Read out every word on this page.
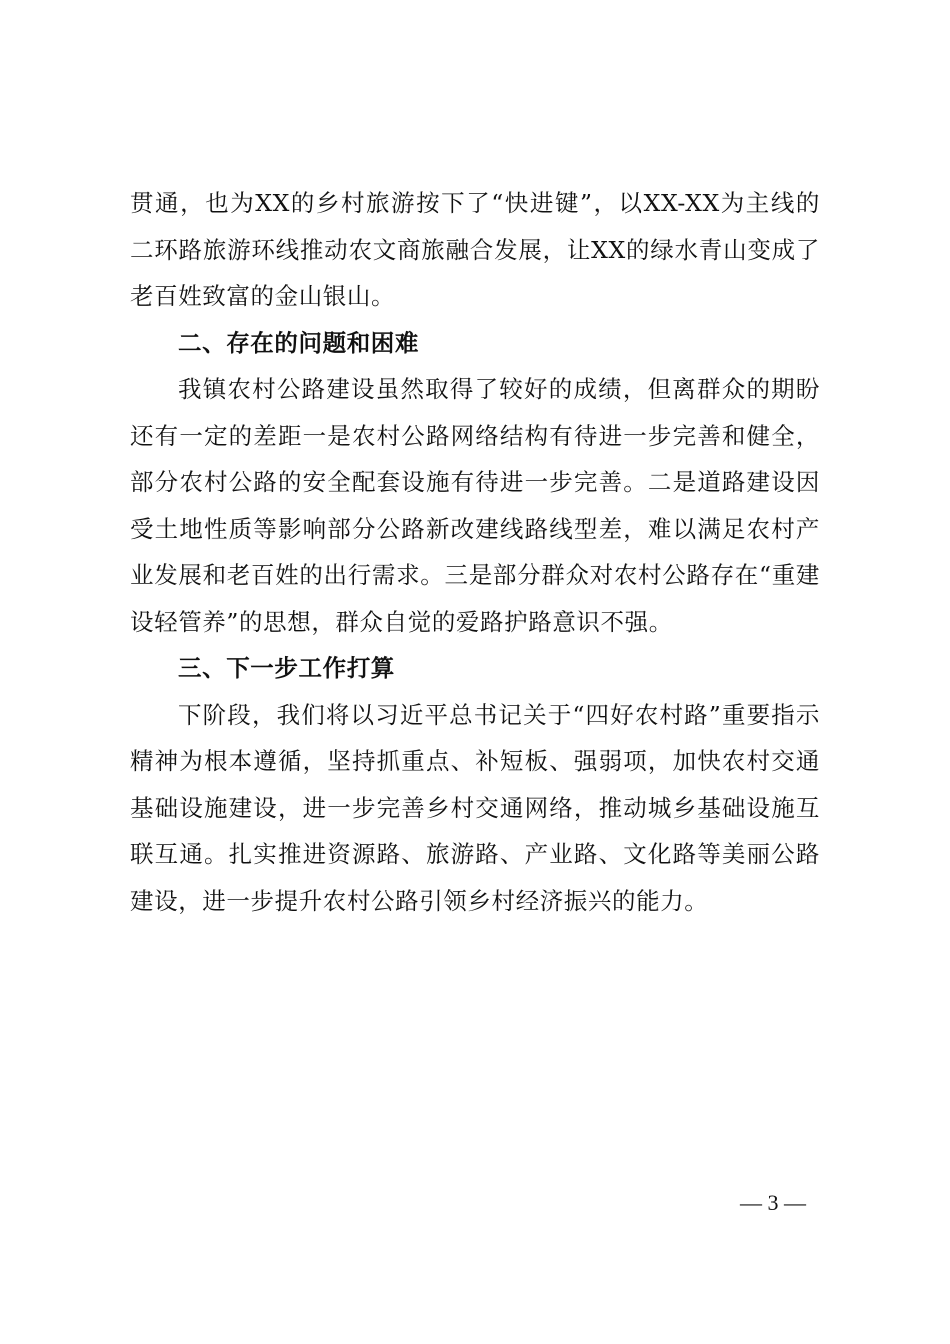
贯通，也为XX的乡村旅游按下了“快进键”，以XX-XX为主线的二环路旅游环线推动农文商旅融合发展，让XX的绿水青山变成了老百姓致富的金山银山。

二、存在的问题和困难

我镇农村公路建设虽然取得了较好的成绩，但离群众的期盼还有一定的差距一是农村公路网络结构有待进一步完善和健全，部分农村公路的安全配套设施有待进一步完善。二是道路建设因受土地性质等影响部分公路新改建线路线型差，难以满足农村产业发展和老百姓的出行需求。三是部分群众对农村公路存在“重建设轻管养”的思想，群众自觉的爱路护路意识不强。

三、下一步工作打算

下阶段，我们将以习近平总书记关于“四好农村路”重要指示精神为根本遵循，坚持抓重点、补短板、强弱项，加快农村交通基础设施建设，进一步完善乡村交通网络，推动城乡基础设施互联互通。扎实推进资源路、旅游路、产业路、文化路等美丽公路建设，进一步提升农村公路引领乡村经济振兴的能力。

— 3 —
